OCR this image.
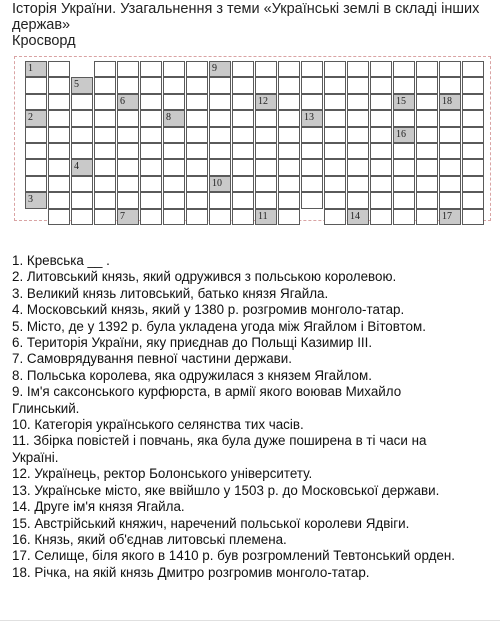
Історія України. Узагальнення з теми «Українські землі в складі інших
держав»
Кросворд
1
2
3
5
4
6
7
8
9
10
12
11
13
14
15
16
18
17
1. Кревська __ .
2. Литовський князь, який одружився з польською королевою.
3. Великий князь литовський, батько князя Ягайла.
4. Московський князь, який у 1380 р. розгромив монголо-татар.
5. Місто, де у 1392 р. була укладена угода між Ягайлом і Вітовтом.
6. Територія України, яку приєднав до Польщі Казимир III.
7. Самоврядування певної частини держави.
8. Польська королева, яка одружилася з князем Ягайлом.
9. Ім'я саксонського курфюрста, в армії якого воював Михайло
Глинський.
10. Категорія українського селянства тих часів.
11. Збірка повістей і повчань, яка була дуже поширена в ті часи на
Україні.
12. Українець, ректор Болонського університету.
13. Українське місто, яке ввійшло у 1503 р. до Московської держави.
14. Друге ім'я князя Ягайла.
15. Австрійський княжич, наречений польської королеви Ядвіги.
16. Князь, який об'єднав литовські племена.
17. Селище, біля якого в 1410 р. був розгромлений Тевтонський орден.
18. Річка, на якій князь Дмитро розгромив монголо-татар.
